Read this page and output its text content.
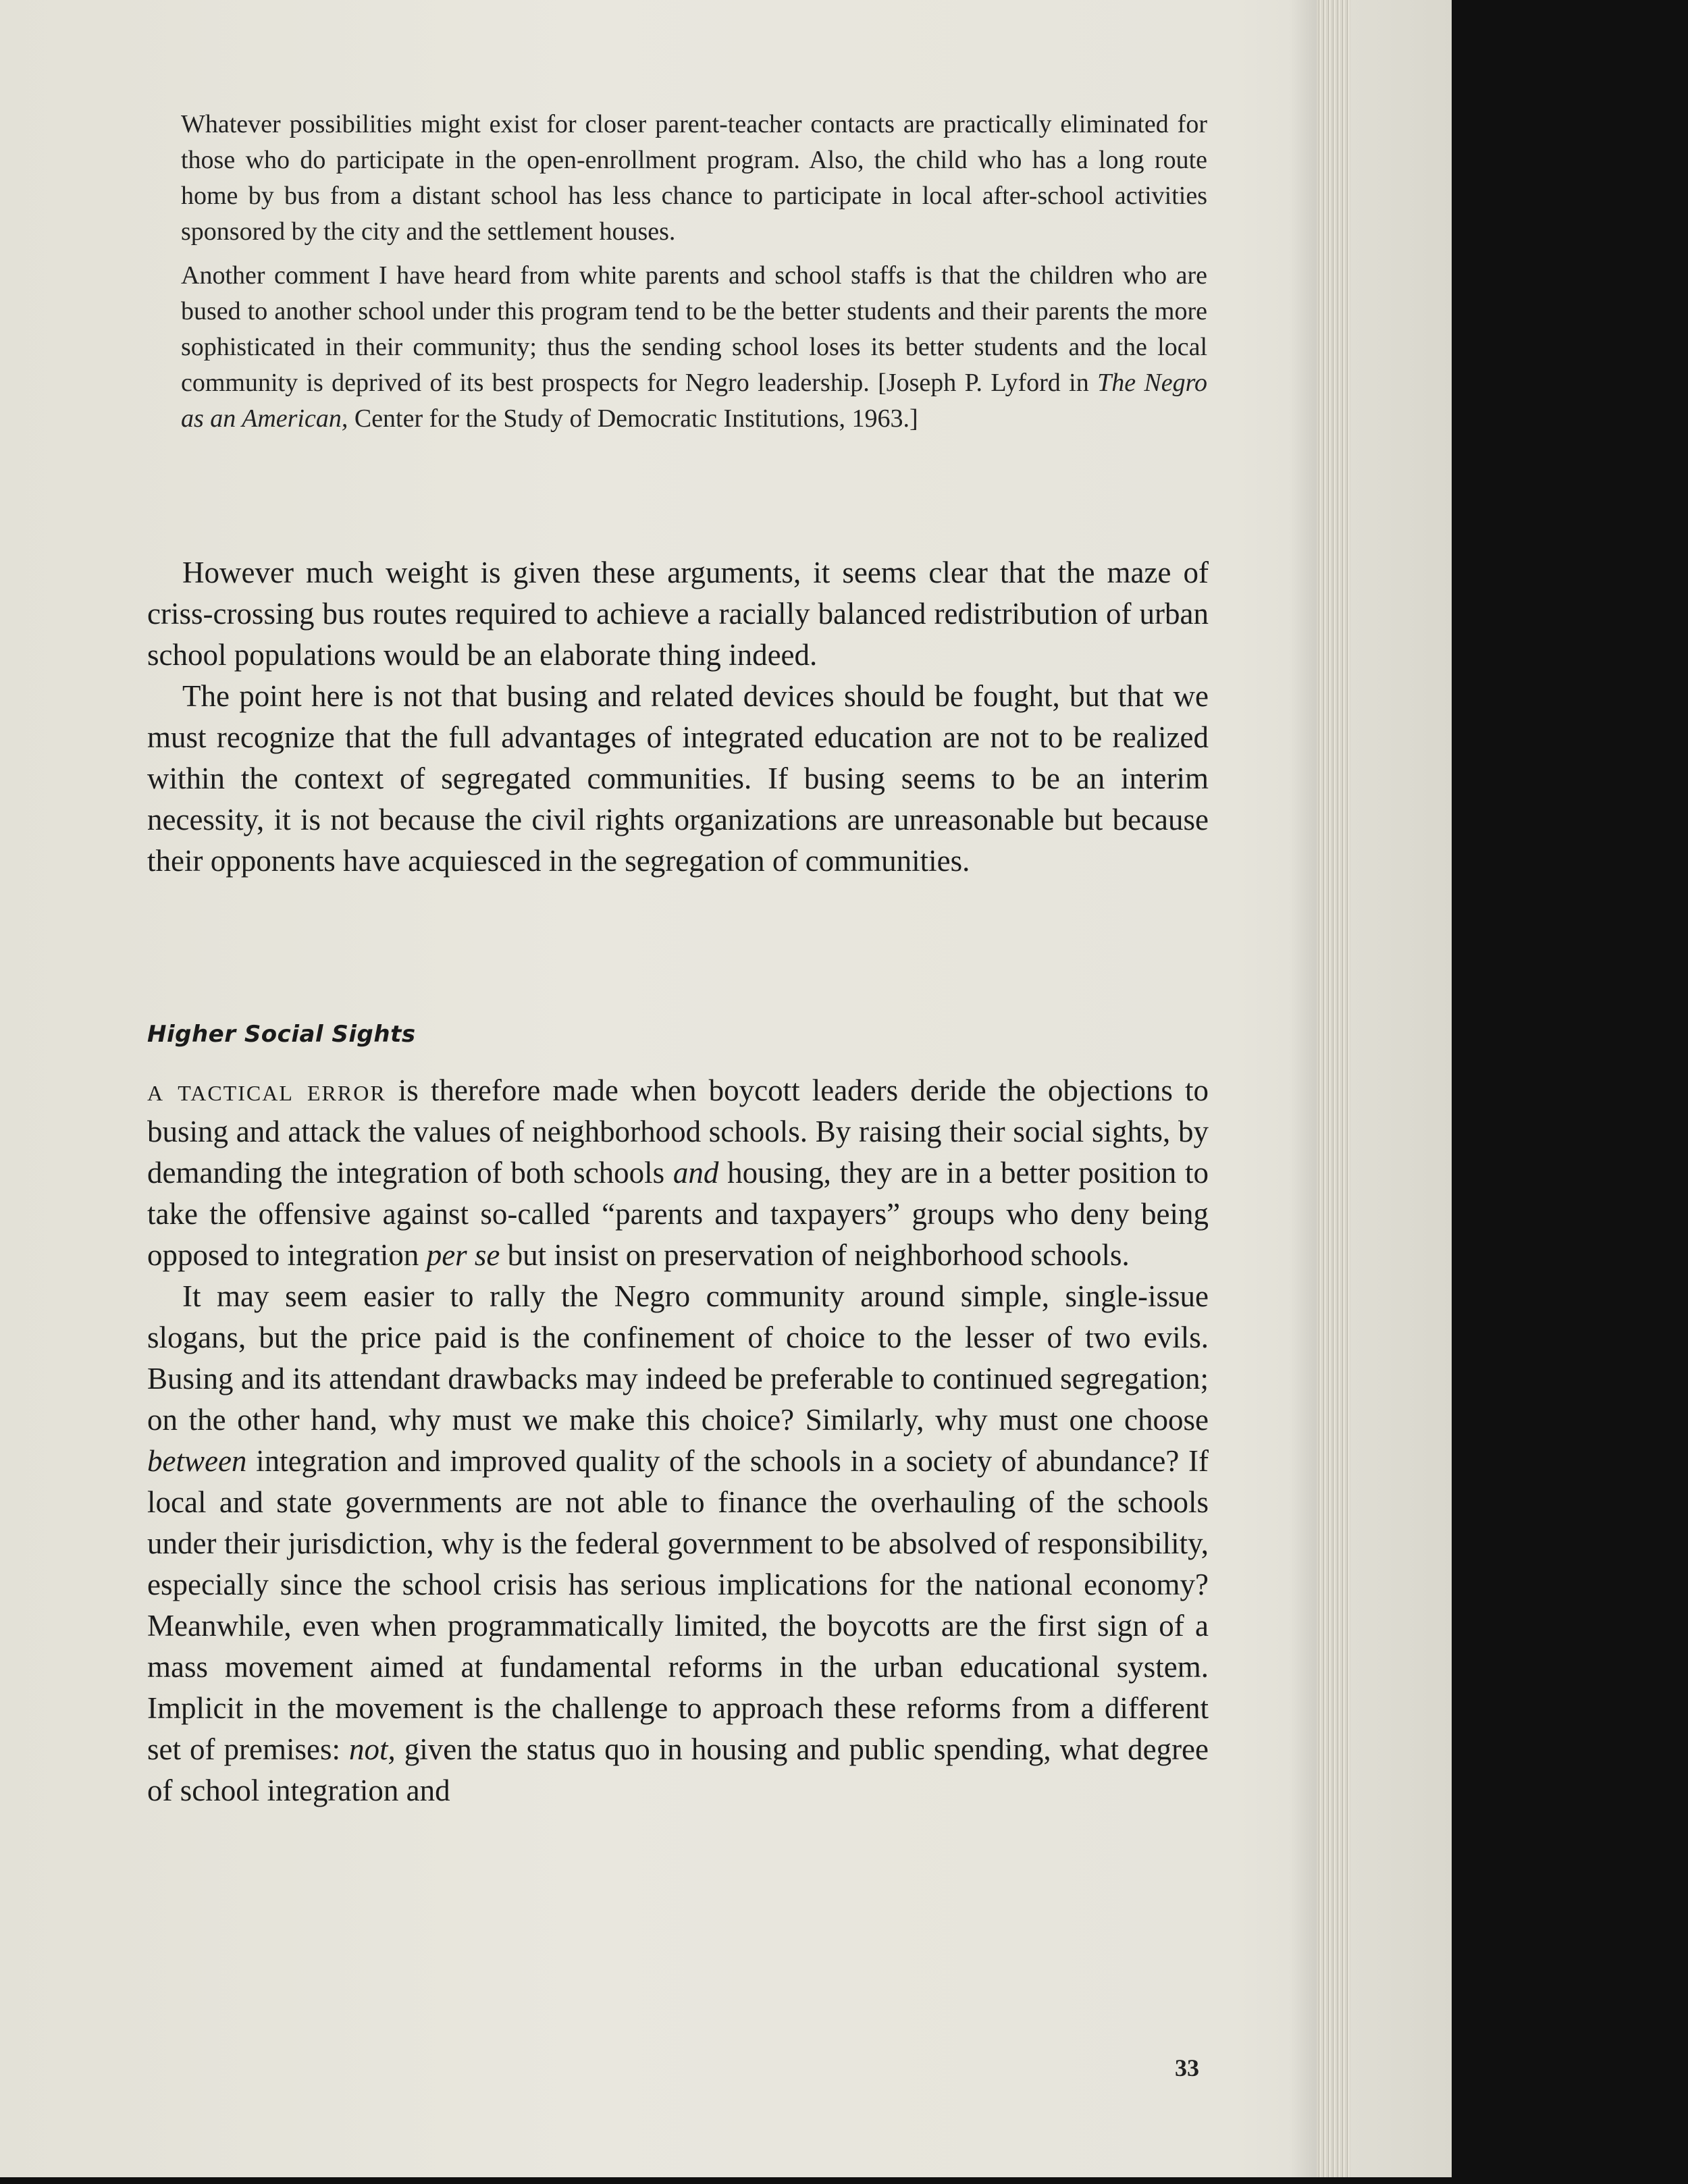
Whatever possibilities might exist for closer parent-teacher contacts are practically eliminated for those who do participate in the open-enrollment program. Also, the child who has a long route home by bus from a distant school has less chance to participate in local after-school activities sponsored by the city and the settlement houses.

Another comment I have heard from white parents and school staffs is that the children who are bused to another school under this program tend to be the better students and their parents the more sophisticated in their community; thus the sending school loses its better students and the local community is deprived of its best prospects for Negro leadership. [Joseph P. Lyford in The Negro as an American, Center for the Study of Democratic Institutions, 1963.]

However much weight is given these arguments, it seems clear that the maze of criss-crossing bus routes required to achieve a racially balanced redistribution of urban school populations would be an elaborate thing indeed.

The point here is not that busing and related devices should be fought, but that we must recognize that the full advantages of integrated education are not to be realized within the context of segregated communities. If busing seems to be an interim necessity, it is not because the civil rights organizations are unreasonable but because their opponents have acquiesced in the segregation of communities.

Higher Social Sights

a tactical error is therefore made when boycott leaders deride the objections to busing and attack the values of neighborhood schools. By raising their social sights, by demanding the integration of both schools and housing, they are in a better position to take the offensive against so-called “parents and taxpayers” groups who deny being opposed to integration per se but insist on preservation of neighborhood schools.

It may seem easier to rally the Negro community around simple, single-issue slogans, but the price paid is the confinement of choice to the lesser of two evils. Busing and its attendant drawbacks may indeed be preferable to continued segregation; on the other hand, why must we make this choice? Similarly, why must one choose between integration and improved quality of the schools in a society of abundance? If local and state governments are not able to finance the overhauling of the schools under their jurisdiction, why is the federal government to be absolved of responsibility, especially since the school crisis has serious implications for the national economy? Meanwhile, even when programmatically limited, the boycotts are the first sign of a mass movement aimed at fundamental reforms in the urban educational system. Implicit in the movement is the challenge to approach these reforms from a different set of premises: not, given the status quo in housing and public spending, what degree of school integration and

33
